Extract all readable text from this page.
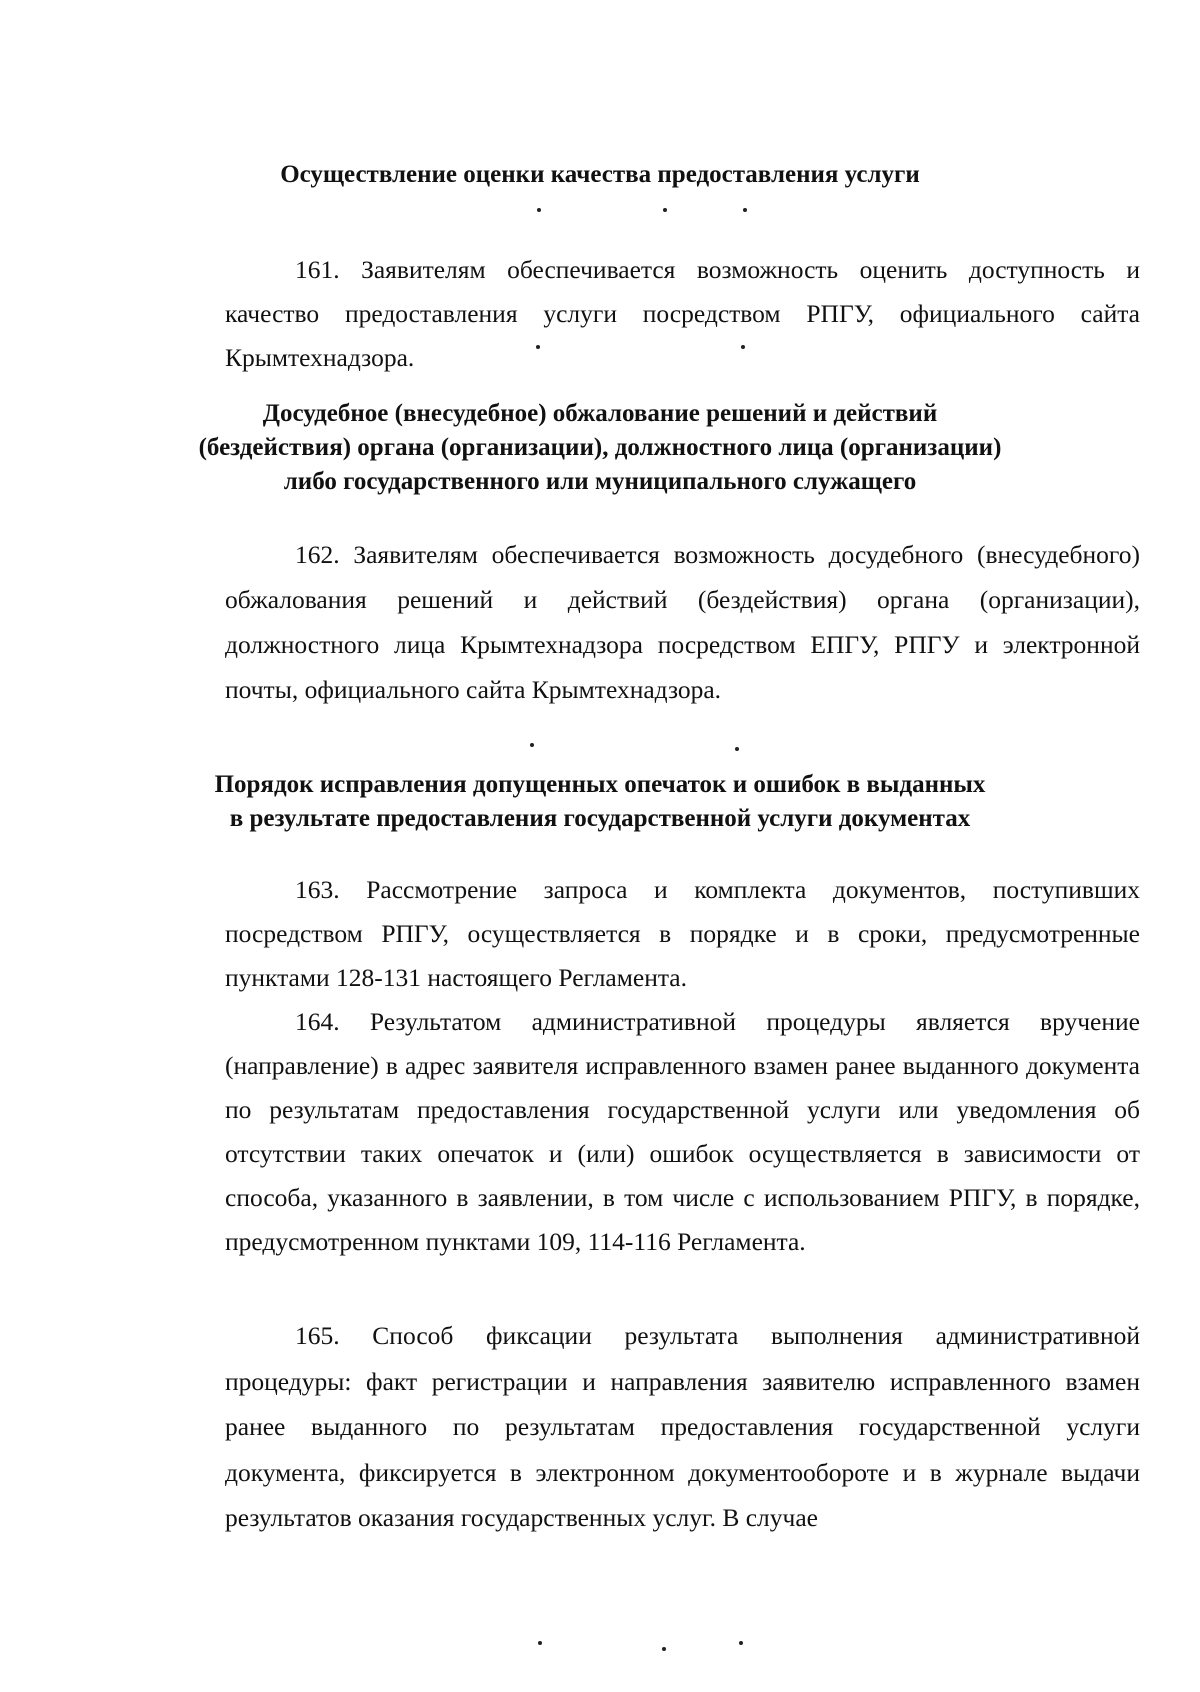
Осуществление оценки качества предоставления услуги

161. Заявителям обеспечивается возможность оценить доступность и качество предоставления услуги посредством РПГУ, официального сайта Крымтехнадзора.

Досудебное (внесудебное) обжалование решений и действий
(бездействия) органа (организации), должностного лица (организации)
либо государственного или муниципального служащего

162. Заявителям обеспечивается возможность досудебного (внесудебного) обжалования решений и действий (бездействия) органа (организации), должностного лица Крымтехнадзора посредством ЕПГУ, РПГУ и электронной почты, официального сайта Крымтехнадзора.

Порядок исправления допущенных опечаток и ошибок в выданных
в результате предоставления государственной услуги документах

163. Рассмотрение запроса и комплекта документов, поступивших посредством РПГУ, осуществляется в порядке и в сроки, предусмотренные пунктами 128-131 настоящего Регламента.

164. Результатом административной процедуры является вручение (направление) в адрес заявителя исправленного взамен ранее выданного документа по результатам предоставления государственной услуги или уведомления об отсутствии таких опечаток и (или) ошибок осуществляется в зависимости от способа, указанного в заявлении, в том числе с использованием РПГУ, в порядке, предусмотренном пунктами 109, 114-116 Регламента.

165. Способ фиксации результата выполнения административной процедуры: факт регистрации и направления заявителю исправленного взамен ранее выданного по результатам предоставления государственной услуги документа, фиксируется в электронном документообороте и в журнале выдачи результатов оказания государственных услуг. В случае
